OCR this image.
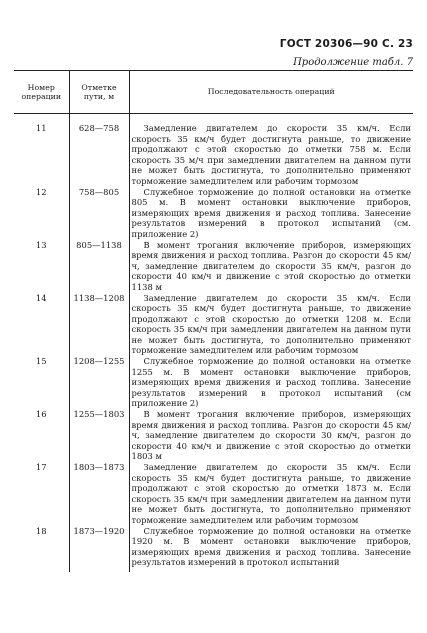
ГОСТ 20306—90 С. 23
Продолжение табл. 7
Номер операции	Отметке пути, м	Последовательность операций
11	628—758	Замедление двигателем до скорости 35 км/ч. Если скорость 35 км/ч будет достигнута раньше, то движение продолжают с этой скоростью до отметки 758 м. Если скорость 35 м/ч при замедлении двигателем на данном пути не может быть достигнута, то дополнительно применяют торможение замедлителем или рабочим тормозом

12	758—805	Служебное торможение до полной остановки на отметке 805 м. В момент остановки выключение приборов, измеряющих время движения и расход топлива. Занесение результатов измерений в протокол испытаний (см. приложение 2)

13	805—1138	В момент трогания включение приборов, измеряющих время движения и расход топлива. Разгон до скорости 45 км/ч, замедление двигателем до скорости 35 км/ч, разгон до скорости 40 км/ч и движение с этой скоростью до отметки 1138 м

14	1138—1208	Замедление двигателем до скорости 35 км/ч. Если скорость 35 км/ч будет достигнута раньше, то движение продолжают с этой скоростью до отметки 1208 м. Если скорость 35 км/ч при замедлении двигателем на данном пути не может быть достигнута, то дополнительно применяют торможение замедлителем или рабочим тормозом

15	1208—1255	Служебное торможение до полной остановки на отметке 1255 м. В момент остановки выключение приборов, измеряющих время движения и расход топлива. Занесение результатов измерений в протокол испытаний (см приложение 2)

16	1255—1803	В момент трогания включение приборов, измеряющих время движения и расход топлива. Разгон до скорости 45 км/ч, замедление двигателем до скорости 30 км/ч, разгон до скорости 40 км/ч и движение с этой скоростью до отметки 1803 м

17	1803—1873	Замедление двигателем до скорости 35 км/ч. Если скорость 35 км/ч будет достигнута раньше, то движение продолжают с этой скоростью до отметки 1873 м. Если скорость 35 км/ч при замедлении двигателем на данном пути не может быть достигнута, то дополнительно применяют торможение замедлителем или рабочим тормозом

18	1873—1920	Служебное торможение до полной остановки на отметке 1920 м. В момент остановки выключение приборов, измеряющих время движения и расход топлива. Занесение результатов измерений в протокол испытаний
